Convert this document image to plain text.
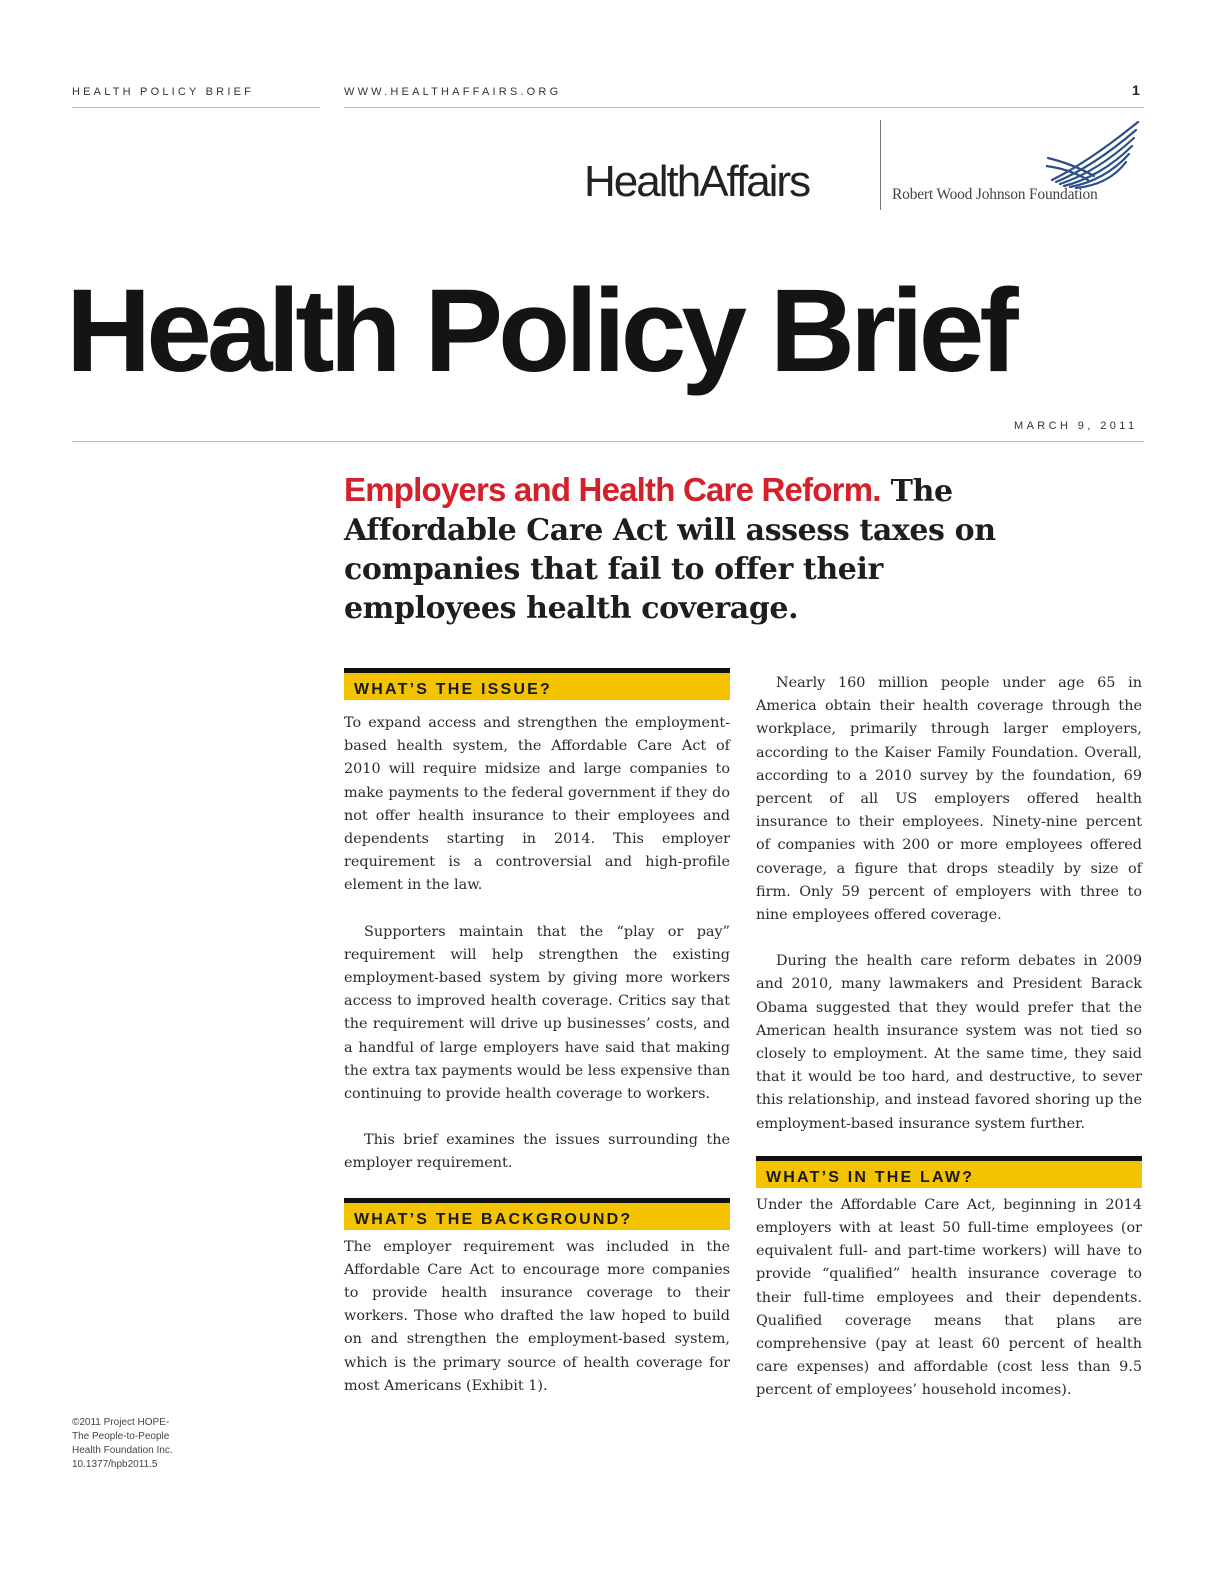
HEALTH POLICY BRIEF	WWW.HEALTHAFFAIRS.ORG	1
HealthAffairs	Robert Wood Johnson Foundation
Health Policy Brief
MARCH 9, 2011
Employers and Health Care Reform. The Affordable Care Act will assess taxes on companies that fail to offer their employees health coverage.
WHAT’S THE ISSUE?

To expand access and strengthen the employment-based health system, the Affordable Care Act of 2010 will require midsize and large companies to make payments to the federal government if they do not offer health insurance to their employees and dependents starting in 2014. This employer requirement is a controversial and high-profile element in the law.

Supporters maintain that the “play or pay” requirement will help strengthen the existing employment-based system by giving more workers access to improved health coverage. Critics say that the requirement will drive up businesses’ costs, and a handful of large employers have said that making the extra tax payments would be less expensive than continuing to provide health coverage to workers.

This brief examines the issues surrounding the employer requirement.

WHAT’S THE BACKGROUND?

The employer requirement was included in the Affordable Care Act to encourage more companies to provide health insurance coverage to their workers. Those who drafted the law hoped to build on and strengthen the employment-based system, which is the primary source of health coverage for most Americans (Exhibit 1).

Nearly 160 million people under age 65 in America obtain their health coverage through the workplace, primarily through larger employers, according to the Kaiser Family Foundation. Overall, according to a 2010 survey by the foundation, 69 percent of all US employers offered health insurance to their employees. Ninety-nine percent of companies with 200 or more employees offered coverage, a figure that drops steadily by size of firm. Only 59 percent of employers with three to nine employees offered coverage.

During the health care reform debates in 2009 and 2010, many lawmakers and President Barack Obama suggested that they would prefer that the American health insurance system was not tied so closely to employment. At the same time, they said that it would be too hard, and destructive, to sever this relationship, and instead favored shoring up the employment-based insurance system further.

WHAT’S IN THE LAW?

Under the Affordable Care Act, beginning in 2014 employers with at least 50 full-time employees (or equivalent full- and part-time workers) will have to provide “qualified” health insurance coverage to their full-time employees and their dependents. Qualified coverage means that plans are comprehensive (pay at least 60 percent of health care expenses) and affordable (cost less than 9.5 percent of employees’ household incomes).

©2011 Project HOPE-
The People-to-People
Health Foundation Inc.
10.1377/hpb2011.5
